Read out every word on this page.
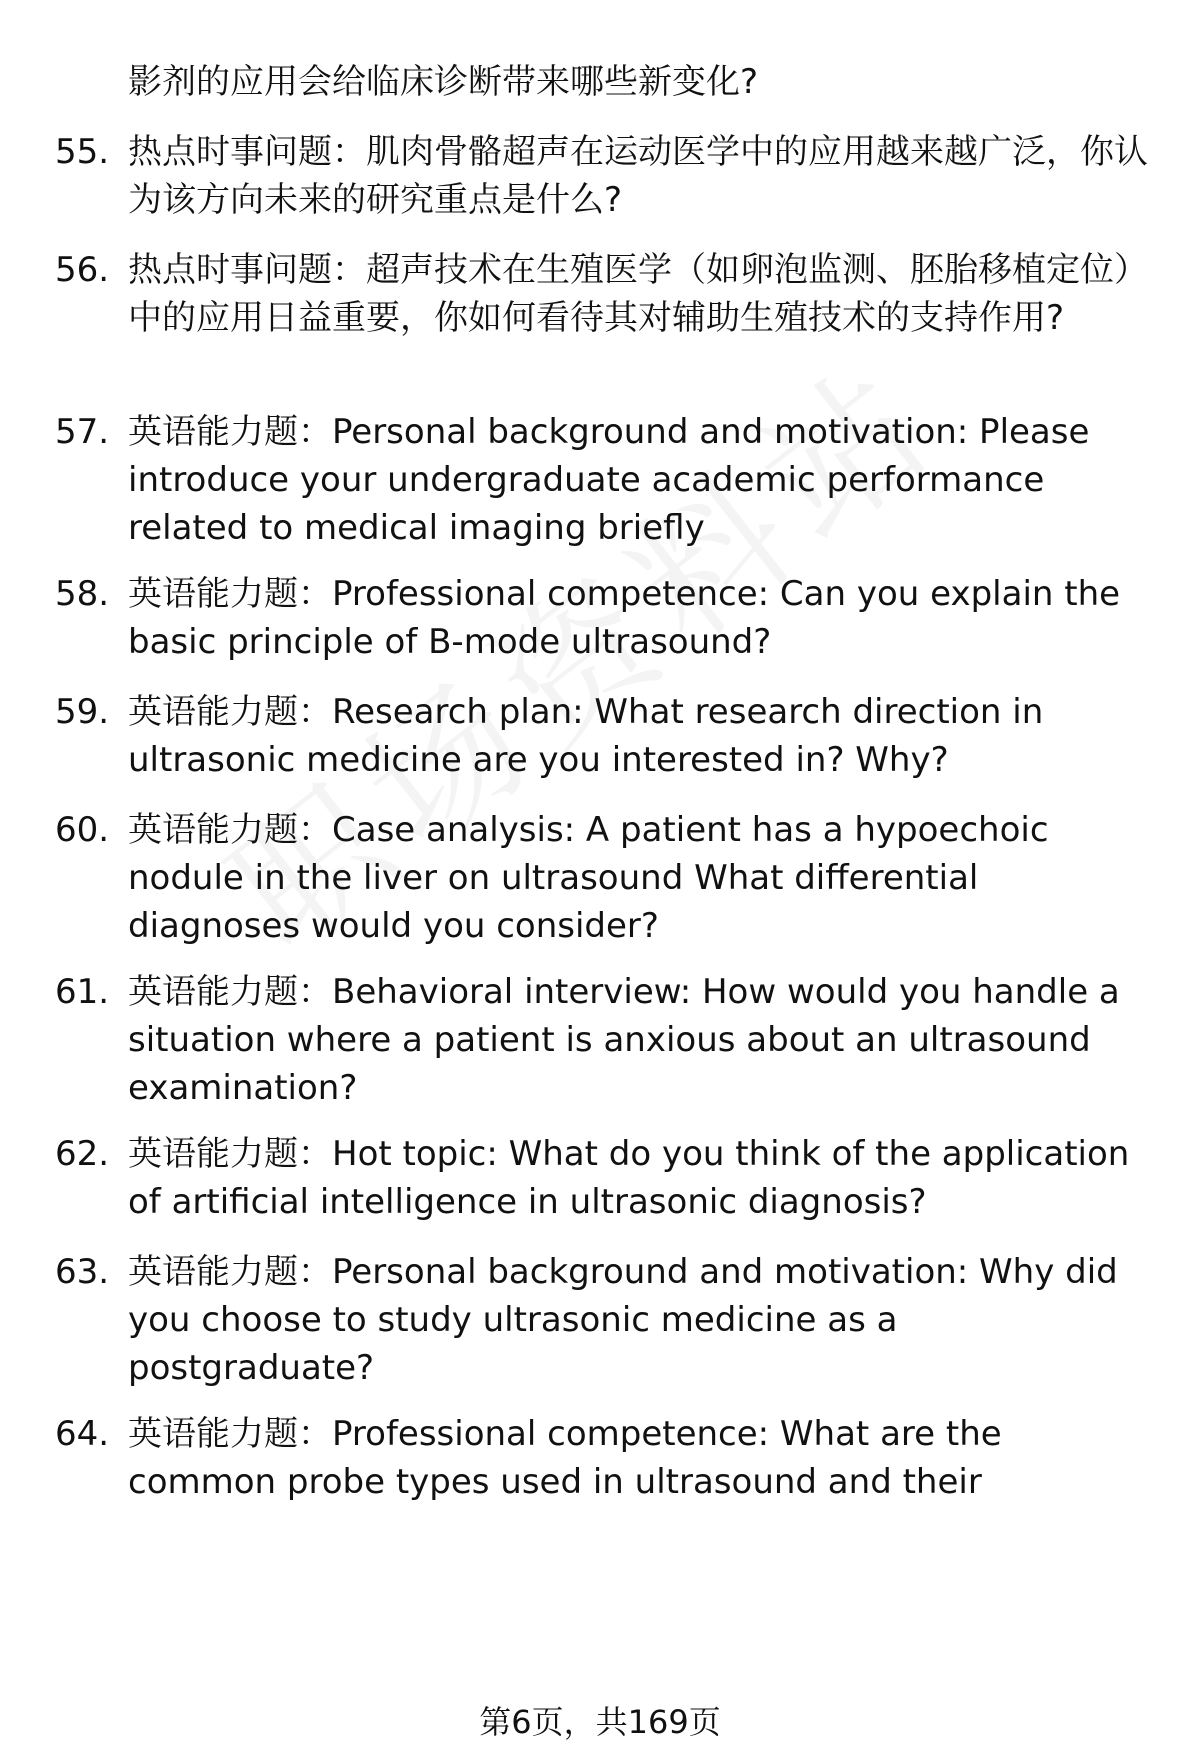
影剂的应用会给临床诊断带来哪些新变化?
55. 热点时事问题：肌肉骨骼超声在运动医学中的应用越来越广泛，你认为该方向未来的研究重点是什么?
56. 热点时事问题：超声技术在生殖医学（如卵泡监测、胚胎移植定位）中的应用日益重要，你如何看待其对辅助生殖技术的支持作用?
57. 英语能力题：Personal background and motivation: Please introduce your undergraduate academic performance related to medical imaging briefly
58. 英语能力题：Professional competence: Can you explain the basic principle of B-mode ultrasound?
59. 英语能力题：Research plan: What research direction in ultrasonic medicine are you interested in? Why?
60. 英语能力题：Case analysis: A patient has a hypoechoic nodule in the liver on ultrasound What differential diagnoses would you consider?
61. 英语能力题：Behavioral interview: How would you handle a situation where a patient is anxious about an ultrasound examination?
62. 英语能力题：Hot topic: What do you think of the application of artificial intelligence in ultrasonic diagnosis?
63. 英语能力题：Personal background and motivation: Why did you choose to study ultrasonic medicine as a postgraduate?
64. 英语能力题：Professional competence: What are the common probe types used in ultrasound and their
第6页，共169页
